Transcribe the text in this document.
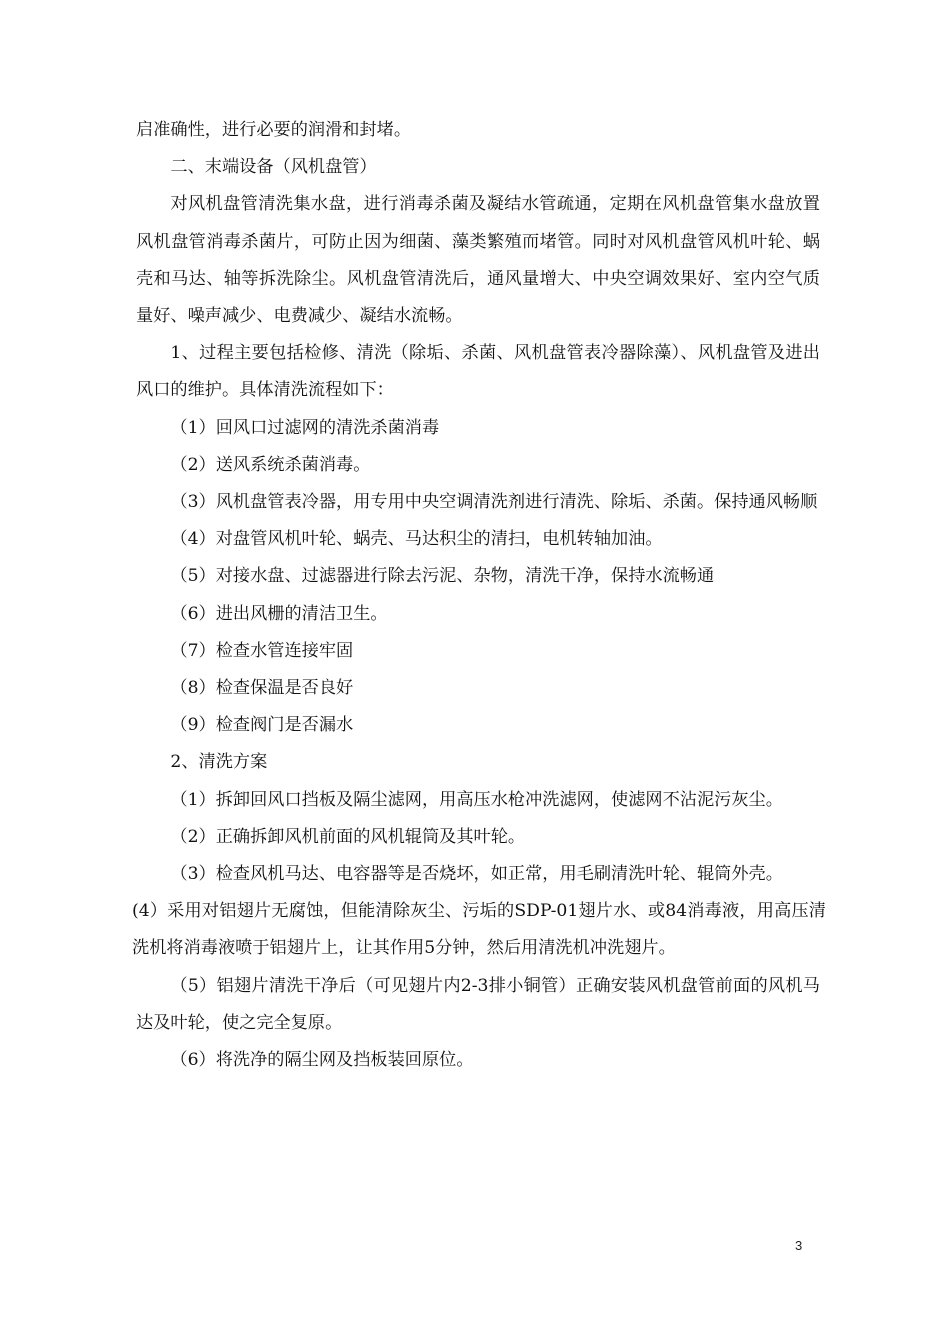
启准确性，进行必要的润滑和封堵。

二、末端设备（风机盘管）

对风机盘管清洗集水盘，进行消毒杀菌及凝结水管疏通，定期在风机盘管集水盘放置风机盘管消毒杀菌片，可防止因为细菌、藻类繁殖而堵管。同时对风机盘管风机叶轮、蜗壳和马达、轴等拆洗除尘。风机盘管清洗后，通风量增大、中央空调效果好、室内空气质量好、噪声减少、电费减少、凝结水流畅。

1、过程主要包括检修、清洗（除垢、杀菌、风机盘管表冷器除藻）、风机盘管及进出风口的维护。具体清洗流程如下：

（1）回风口过滤网的清洗杀菌消毒

（2）送风系统杀菌消毒。

（3）风机盘管表冷器，用专用中央空调清洗剂进行清洗、除垢、杀菌。保持通风畅顺

（4）对盘管风机叶轮、蜗壳、马达积尘的清扫，电机转轴加油。

（5）对接水盘、过滤器进行除去污泥、杂物，清洗干净，保持水流畅通

（6）进出风栅的清洁卫生。

（7）检查水管连接牢固

（8）检查保温是否良好

（9）检查阀门是否漏水

2、清洗方案

（1）拆卸回风口挡板及隔尘滤网，用高压水枪冲洗滤网，使滤网不沾泥污灰尘。

（2）正确拆卸风机前面的风机辊筒及其叶轮。

（3）检查风机马达、电容器等是否烧坏，如正常，用毛刷清洗叶轮、辊筒外壳。

(4）采用对铝翅片无腐蚀，但能清除灰尘、污垢的SDP-01翅片水、或84消毒液，用高压清洗机将消毒液喷于铝翅片上，让其作用5分钟，然后用清洗机冲洗翅片。

（5）铝翅片清洗干净后（可见翅片内2-3排小铜管）正确安装风机盘管前面的风机马达及叶轮，使之完全复原。

（6）将洗净的隔尘网及挡板装回原位。

3
